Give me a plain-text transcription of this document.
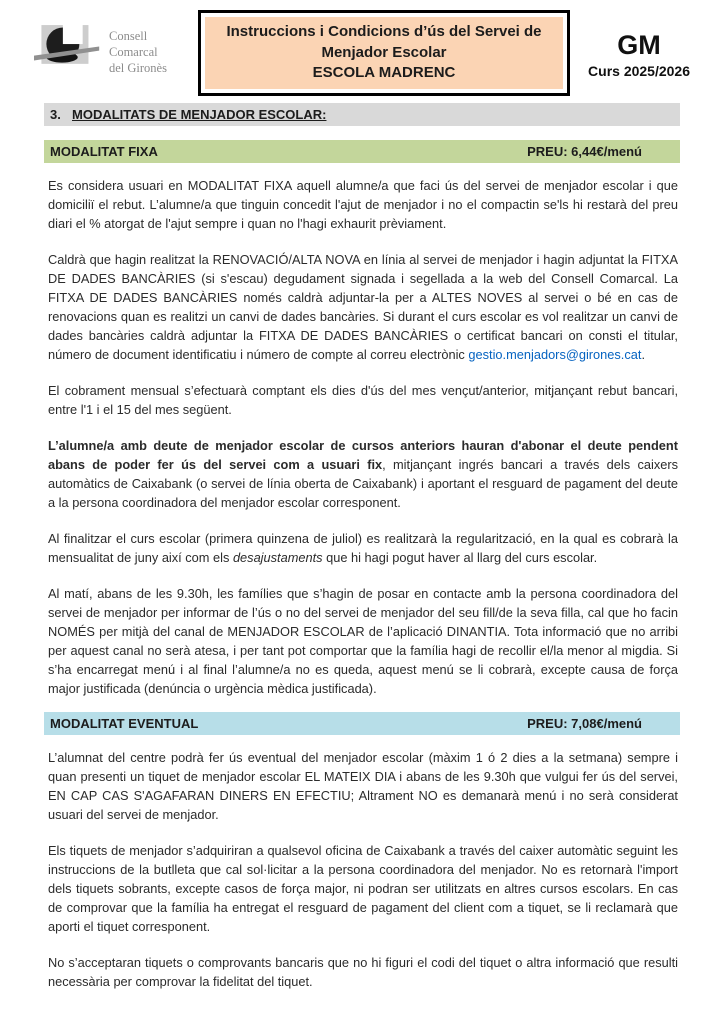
Consell
Comarcal
del Gironès
Instruccions i Condicions d’ús del Servei de
Menjador Escolar
ESCOLA MADRENC
GM
Curs 2025/2026
3. MODALITATS DE MENJADOR ESCOLAR:
MODALITAT FIXA	PREU: 6,44€/menú

Es considera usuari en MODALITAT FIXA aquell alumne/a que faci ús del servei de menjador escolar i que domiciliï el rebut. L’alumne/a que tinguin concedit l'ajut de menjador i no el compactin se'ls hi restarà del preu diari el % atorgat de l'ajut sempre i quan no l'hagi exhaurit prèviament.

Caldrà que hagin realitzat la RENOVACIÓ/ALTA NOVA en línia al servei de menjador i hagin adjuntat la FITXA DE DADES BANCÀRIES (si s'escau) degudament signada i segellada a la web del Consell Comarcal. La FITXA DE DADES BANCÀRIES només caldrà adjuntar-la per a ALTES NOVES al servei o bé en cas de renovacions quan es realitzi un canvi de dades bancàries. Si durant el curs escolar es vol realitzar un canvi de dades bancàries caldrà adjuntar la FITXA DE DADES BANCÀRIES o certificat bancari on consti el titular, número de document identificatiu i número de compte al correu electrònic gestio.menjadors@girones.cat.

El cobrament mensual s’efectuarà comptant els dies d'ús del mes vençut/anterior, mitjançant rebut bancari, entre l'1 i el 15 del mes següent.

L’alumne/a amb deute de menjador escolar de cursos anteriors hauran d'abonar el deute pendent abans de poder fer ús del servei com a usuari fix, mitjançant ingrés bancari a través dels caixers automàtics de Caixabank (o servei de línia oberta de Caixabank) i aportant el resguard de pagament del deute a la persona coordinadora del menjador escolar corresponent.

Al finalitzar el curs escolar (primera quinzena de juliol) es realitzarà la regularització, en la qual es cobrarà la mensualitat de juny així com els desajustaments que hi hagi pogut haver al llarg del curs escolar.

Al matí, abans de les 9.30h, les famílies que s’hagin de posar en contacte amb la persona coordinadora del servei de menjador per informar de l’ús o no del servei de menjador del seu fill/de la seva filla, cal que ho facin NOMÉS per mitjà del canal de MENJADOR ESCOLAR de l’aplicació DINANTIA. Tota informació que no arribi per aquest canal no serà atesa, i per tant pot comportar que la família hagi de recollir el/la menor al migdia. Si s’ha encarregat menú i al final l’alumne/a no es queda, aquest menú se li cobrarà, excepte causa de força major justificada (denúncia o urgència mèdica justificada).

MODALITAT EVENTUAL	PREU: 7,08€/menú

L’alumnat del centre podrà fer ús eventual del menjador escolar (màxim 1 ó 2 dies a la setmana) sempre i quan presenti un tiquet de menjador escolar EL MATEIX DIA i abans de les 9.30h que vulgui fer ús del servei, EN CAP CAS S'AGAFARAN DINERS EN EFECTIU; Altrament NO es demanarà menú i no serà considerat usuari del servei de menjador.

Els tiquets de menjador s’adquiriran a qualsevol oficina de Caixabank a través del caixer automàtic seguint les instruccions de la butlleta que cal sol·licitar a la persona coordinadora del menjador. No es retornarà l'import dels tiquets sobrants, excepte casos de força major, ni podran ser utilitzats en altres cursos escolars. En cas de comprovar que la família ha entregat el resguard de pagament del client com a tiquet, se li reclamarà que aporti el tiquet corresponent.

No s’acceptaran tiquets o comprovants bancaris que no hi figuri el codi del tiquet o altra informació que resulti necessària per comprovar la fidelitat del tiquet.
